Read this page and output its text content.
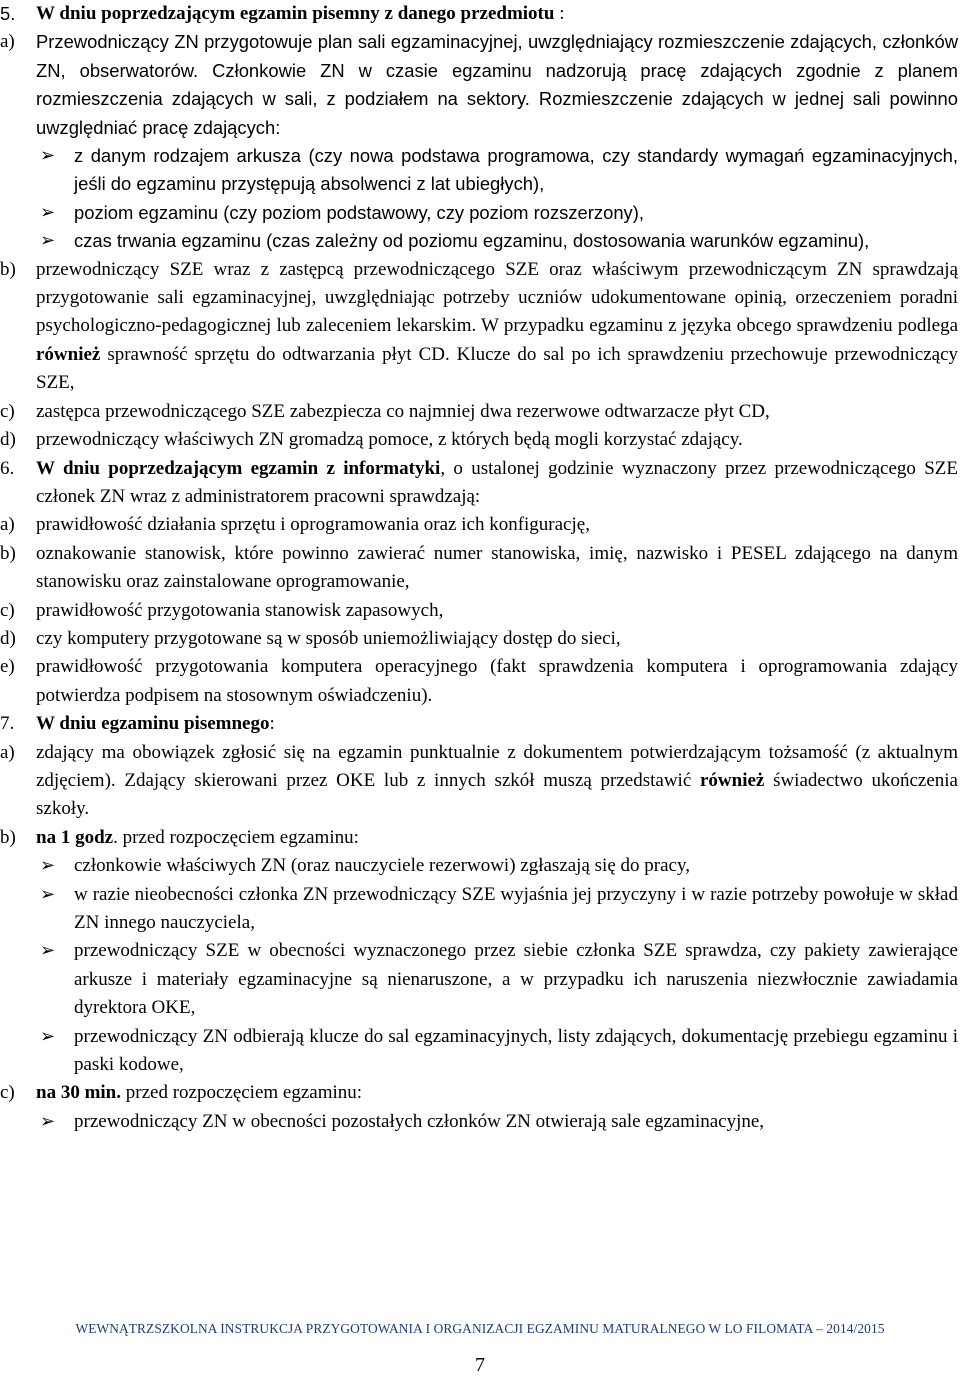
5.	W dniu poprzedzającym egzamin pisemny z danego przedmiotu :
a) Przewodniczący ZN przygotowuje plan sali egzaminacyjnej, uwzględniający rozmieszczenie zdających, członków ZN, obserwatorów. Członkowie ZN w czasie egzaminu nadzorują pracę zdających zgodnie z planem rozmieszczenia zdających w sali, z podziałem na sektory. Rozmieszczenie zdających w jednej sali powinno uwzględniać pracę zdających:
➢ z danym rodzajem arkusza (czy nowa podstawa programowa, czy standardy wymagań egzaminacyjnych, jeśli do egzaminu przystępują absolwenci z lat ubiegłych),
➢ poziom egzaminu (czy poziom podstawowy, czy poziom rozszerzony),
➢ czas trwania egzaminu (czas zależny od poziomu egzaminu, dostosowania warunków egzaminu),
b) przewodniczący SZE wraz z zastępcą przewodniczącego SZE oraz właściwym przewodniczącym ZN sprawdzają przygotowanie sali egzaminacyjnej, uwzględniając potrzeby uczniów udokumentowane opinią, orzeczeniem poradni psychologiczno-pedagogicznej lub zaleceniem lekarskim. W przypadku egzaminu z języka obcego sprawdzeniu podlega również sprawność sprzętu do odtwarzania płyt CD. Klucze do sal po ich sprawdzeniu przechowuje przewodniczący SZE,
c) zastępca przewodniczącego SZE zabezpiecza co najmniej dwa rezerwowe odtwarzacze płyt CD,
d) przewodniczący właściwych ZN gromadzą pomoce, z których będą mogli korzystać zdający.
6.	W dniu poprzedzającym egzamin z informatyki, o ustalonej godzinie wyznaczony przez przewodniczącego SZE członek ZN wraz z administratorem pracowni sprawdzają:
a) prawidłowość działania sprzętu i oprogramowania oraz ich konfigurację,
b) oznakowanie stanowisk, które powinno zawierać numer stanowiska, imię, nazwisko i PESEL zdającego na danym stanowisku oraz zainstalowane oprogramowanie,
c) prawidłowość przygotowania stanowisk zapasowych,
d) czy komputery przygotowane są w sposób uniemożliwiający dostęp do sieci,
e) prawidłowość przygotowania komputera operacyjnego (fakt sprawdzenia komputera i oprogramowania zdający potwierdza podpisem na stosownym oświadczeniu).
7.	W dniu egzaminu pisemnego:
a) zdający ma obowiązek zgłosić się na egzamin punktualnie z dokumentem potwierdzającym tożsamość (z aktualnym zdjęciem). Zdający skierowani przez OKE lub z innych szkół muszą przedstawić również świadectwo ukończenia szkoły.
b) na 1 godz. przed rozpoczęciem egzaminu:
➢ członkowie właściwych ZN (oraz nauczyciele rezerwowi) zgłaszają się do pracy,
➢ w razie nieobecności członka ZN przewodniczący SZE wyjaśnia jej przyczyny i w razie potrzeby powołuje w skład ZN innego nauczyciela,
➢ przewodniczący SZE w obecności wyznaczonego przez siebie członka SZE sprawdza, czy pakiety zawierające arkusze i materiały egzaminacyjne są nienaruszone, a w przypadku ich naruszenia niezwłocznie zawiadamia dyrektora OKE,
➢ przewodniczący ZN odbierają klucze do sal egzaminacyjnych, listy zdających, dokumentację przebiegu egzaminu i paski kodowe,
c) na 30 min. przed rozpoczęciem egzaminu:
➢ przewodniczący ZN w obecności pozostałych członków ZN otwierają sale egzaminacyjne,
WEWNĄTRZSZKOLNA INSTRUKCJA PRZYGOTOWANIA I ORGANIZACJI EGZAMINU MATURALNEGO W LO FILOMATA – 2014/2015
7
